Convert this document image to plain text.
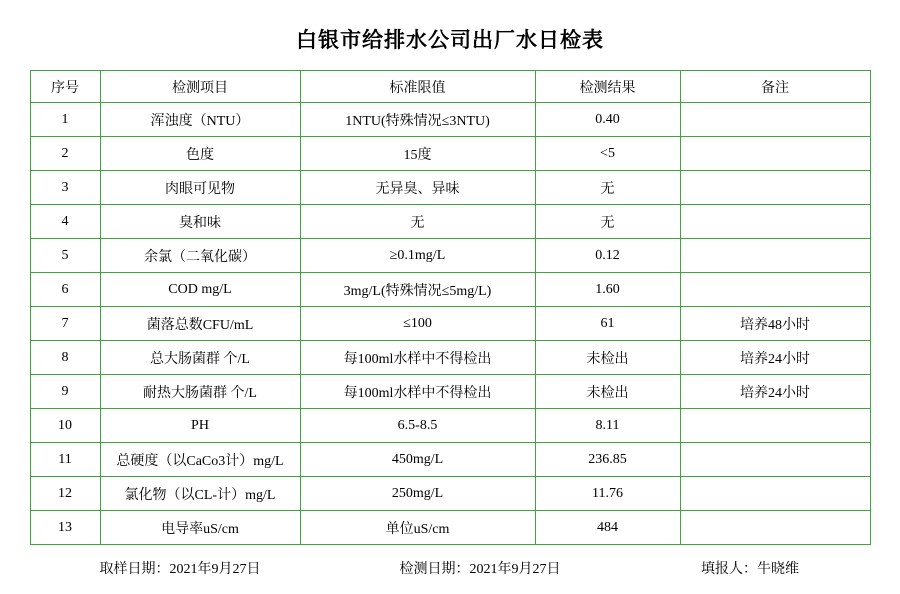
白银市给排水公司出厂水日检表
序号	检测项目	标准限值	检测结果	备注
1	浑浊度（NTU）	1NTU(特殊情况≤3NTU)	0.40	
2	色度	15度	<5	
3	肉眼可见物	无异臭、异味	无	
4	臭和味	无	无	
5	余氯（二氧化碳）	≥0.1mg/L	0.12	
6	COD mg/L	3mg/L(特殊情况≤5mg/L)	1.60	
7	菌落总数CFU/mL	≤100	61	培养48小时
8	总大肠菌群 个/L	每100ml水样中不得检出	未检出	培养24小时
9	耐热大肠菌群 个/L	每100ml水样中不得检出	未检出	培养24小时
10	PH	6.5-8.5	8.11	
11	总硬度（以CaCo3计）mg/L	450mg/L	236.85	
12	氯化物（以CL-计）mg/L	250mg/L	11.76	
13	电导率uS/cm	单位uS/cm	484	
取样日期：2021年9月27日	检测日期：2021年9月27日	填报人：牛晓维
